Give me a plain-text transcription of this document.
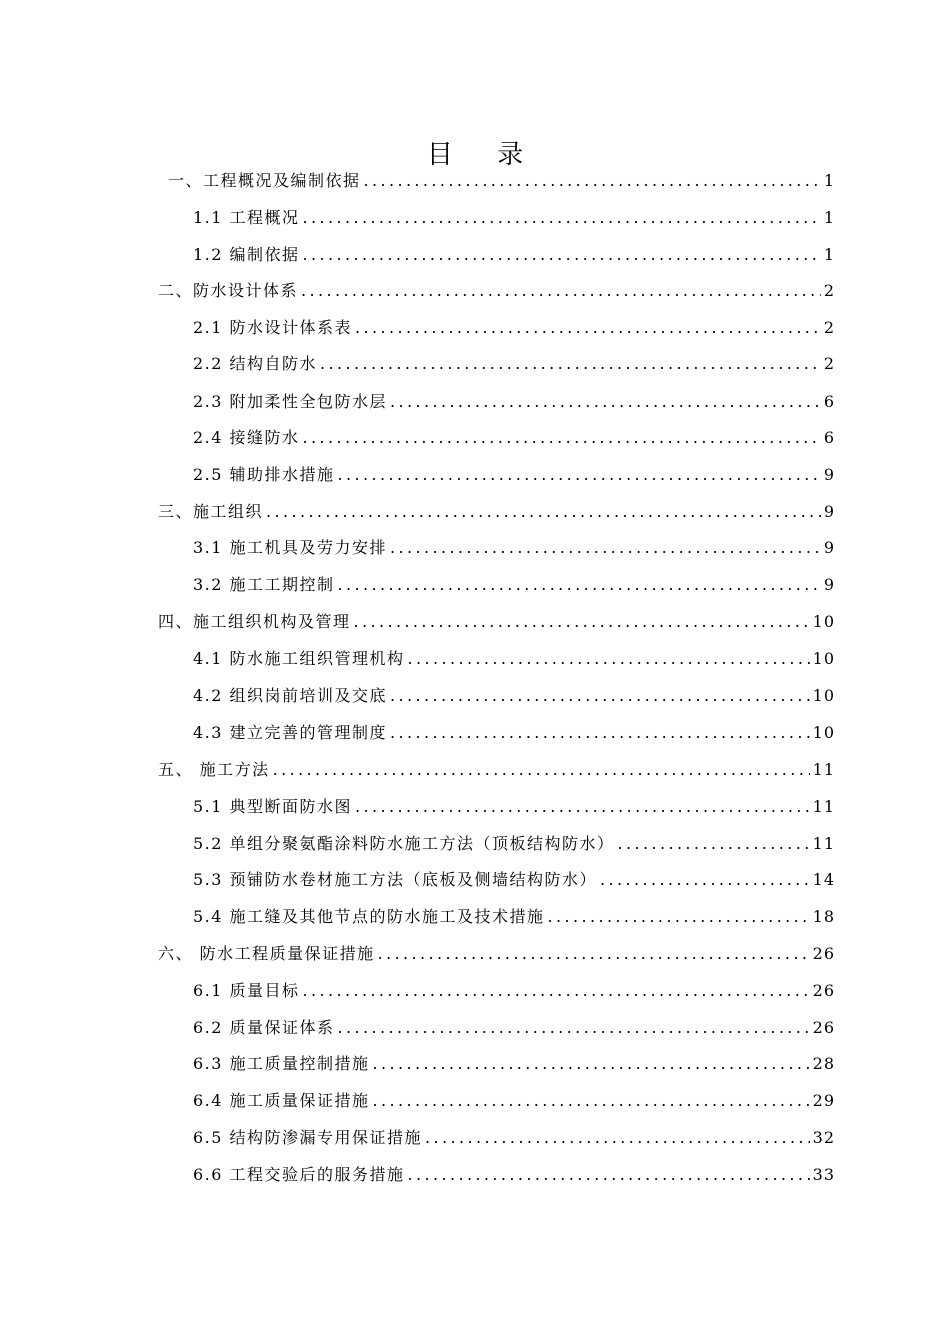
目 录
一、工程概况及编制依据 .....	1
1.1 工程概况 .....	1
1.2 编制依据 .....	1
二、防水设计体系 .....	2
2.1 防水设计体系表 .....	2
2.2 结构自防水 .....	2
2.3 附加柔性全包防水层 .....	6
2.4 接缝防水 .....	6
2.5 辅助排水措施 .....	9
三、施工组织 .....	9
3.1 施工机具及劳力安排 .....	9
3.2 施工工期控制 .....	9
四、施工组织机构及管理 .....	10
4.1 防水施工组织管理机构 .....	10
4.2 组织岗前培训及交底 .....	10
4.3 建立完善的管理制度 .....	10
五、 施工方法 .....	11
5.1 典型断面防水图 .....	11
5.2 单组分聚氨酯涂料防水施工方法（顶板结构防水） .....	11
5.3 预铺防水卷材施工方法（底板及侧墙结构防水） .....	14
5.4 施工缝及其他节点的防水施工及技术措施 .....	18
六、 防水工程质量保证措施 .....	26
6.1 质量目标 .....	26
6.2 质量保证体系 .....	26
6.3 施工质量控制措施 .....	28
6.4 施工质量保证措施 .....	29
6.5 结构防渗漏专用保证措施 .....	32
6.6 工程交验后的服务措施 .....	33
